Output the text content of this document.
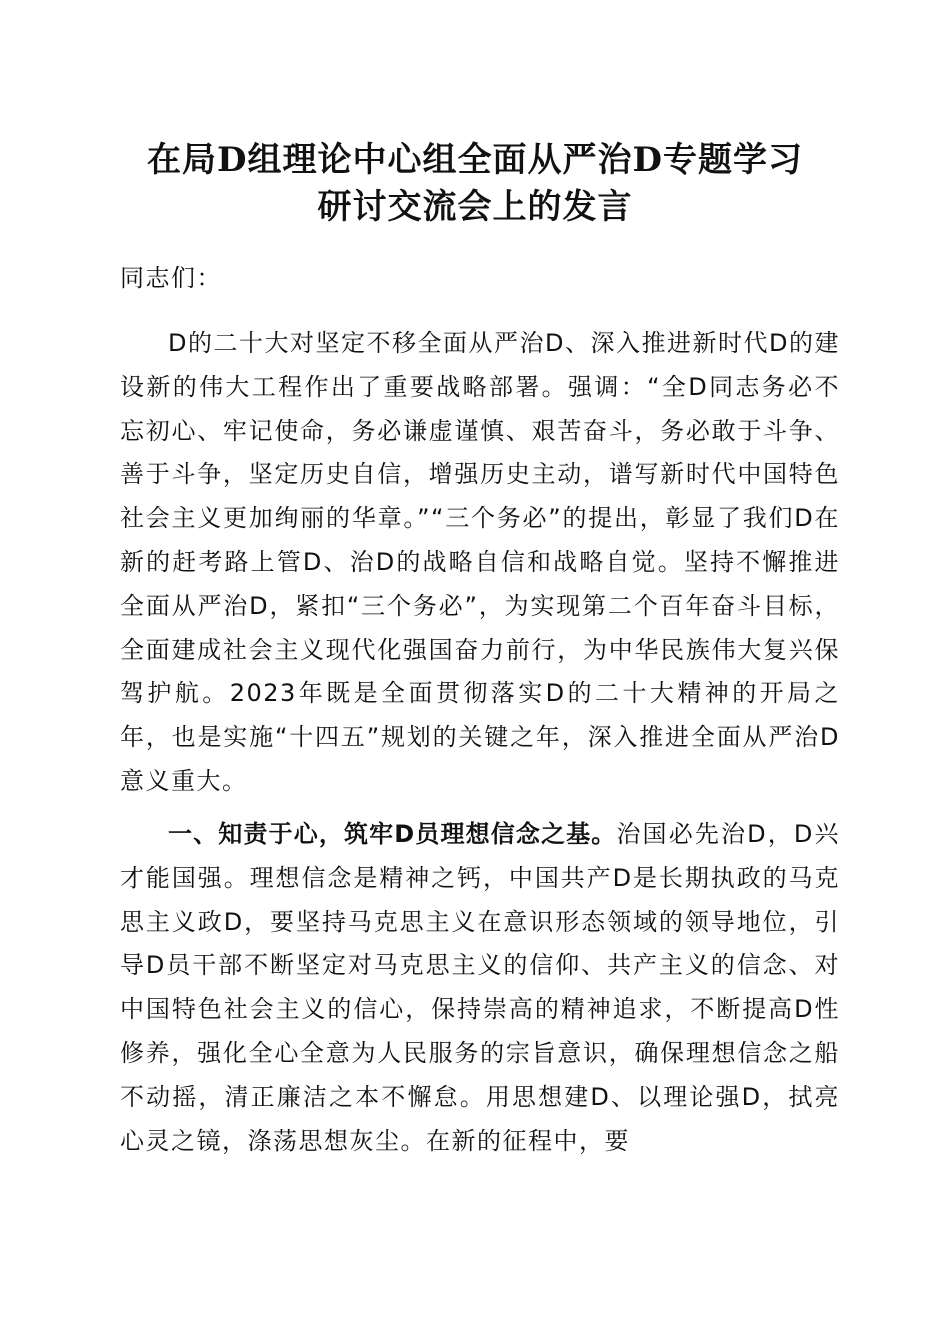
在局D组理论中心组全面从严治D专题学习
研讨交流会上的发言
同志们：

D的二十大对坚定不移全面从严治D、深入推进新时代D的建设新的伟大工程作出了重要战略部署。强调：“全D同志务必不忘初心、牢记使命，务必谦虚谨慎、艰苦奋斗，务必敢于斗争、善于斗争，坚定历史自信，增强历史主动，谱写新时代中国特色社会主义更加绚丽的华章。”“三个务必”的提出，彰显了我们D在新的赶考路上管D、治D的战略自信和战略自觉。坚持不懈推进全面从严治D，紧扣“三个务必”，为实现第二个百年奋斗目标，全面建成社会主义现代化强国奋力前行，为中华民族伟大复兴保驾护航。2023年既是全面贯彻落实D的二十大精神的开局之年，也是实施“十四五”规划的关键之年，深入推进全面从严治D意义重大。

一、知责于心，筑牢D员理想信念之基。治国必先治D，D兴才能国强。理想信念是精神之钙，中国共产D是长期执政的马克思主义政D，要坚持马克思主义在意识形态领域的领导地位，引导D员干部不断坚定对马克思主义的信仰、共产主义的信念、对中国特色社会主义的信心，保持崇高的精神追求，不断提高D性修养，强化全心全意为人民服务的宗旨意识，确保理想信念之船不动摇，清正廉洁之本不懈怠。用思想建D、以理论强D，拭亮心灵之镜，涤荡思想灰尘。在新的征程中，要
